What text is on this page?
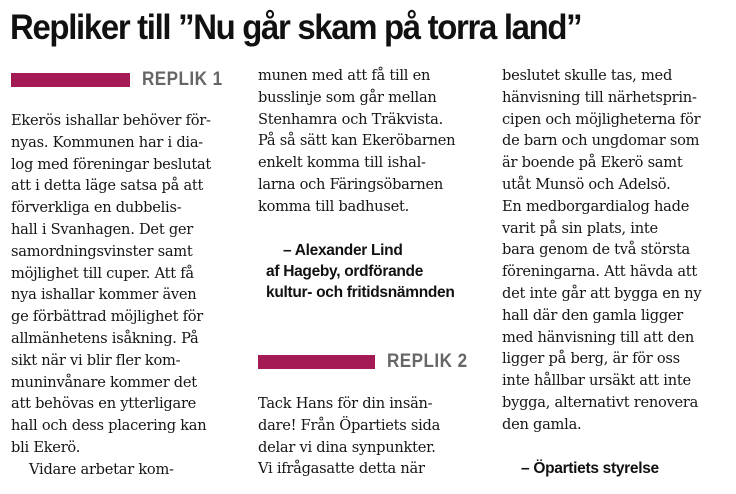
Repliker till ”Nu går skam på torra land”
REPLIK 1
Ekerös ishallar behöver för-
nyas. Kommunen har i dia-
log med föreningar beslutat
att i detta läge satsa på att
förverkliga en dubbelis-
hall i Svanhagen. Det ger
samordningsvinster samt
möjlighet till cuper. Att få
nya ishallar kommer även
ge förbättrad möjlighet för
allmänhetens isåkning. På
sikt när vi blir fler kom-
muninvånare kommer det
att behövas en ytterligare
hall och dess placering kan
bli Ekerö.
Vidare arbetar kom-
munen med att få till en
busslinje som går mellan
Stenhamra och Träkvista.
På så sätt kan Ekeröbarnen
enkelt komma till ishal-
larna och Färingsöbarnen
komma till badhuset.
– Alexander Lind
af Hageby, ordförande
kultur- och fritidsnämnden
REPLIK 2
Tack Hans för din insän-
dare! Från Öpartiets sida
delar vi dina synpunkter.
Vi ifrågasatte detta när
beslutet skulle tas, med
hänvisning till närhetsprin-
cipen och möjligheterna för
de barn och ungdomar som
är boende på Ekerö samt
utåt Munsö och Adelsö.
En medborgardialog hade
varit på sin plats, inte
bara genom de två största
föreningarna. Att hävda att
det inte går att bygga en ny
hall där den gamla ligger
med hänvisning till att den
ligger på berg, är för oss
inte hållbar ursäkt att inte
bygga, alternativt renovera
den gamla.
– Öpartiets styrelse
